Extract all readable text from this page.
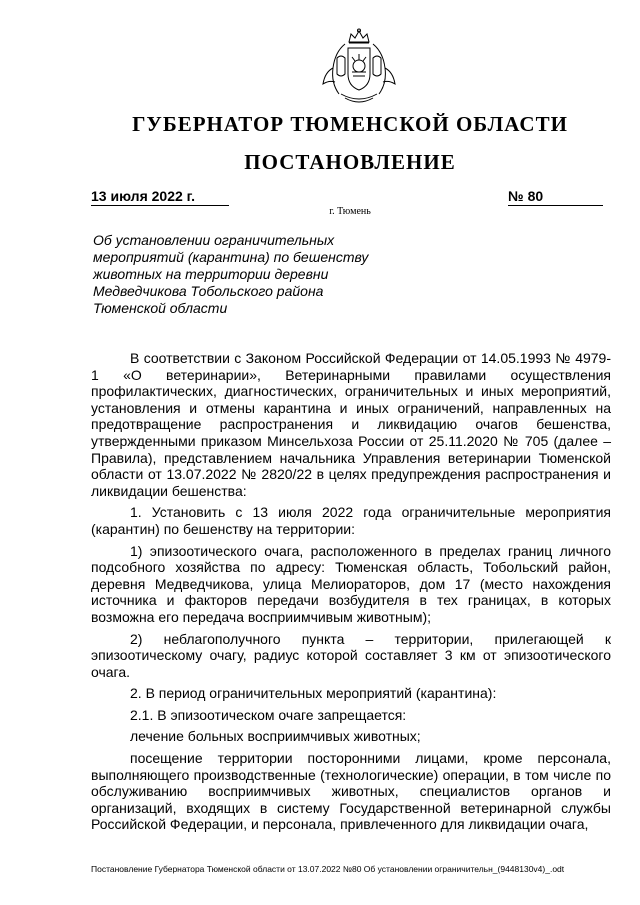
ГУБЕРНАТОР ТЮМЕНСКОЙ ОБЛАСТИ
ПОСТАНОВЛЕНИЕ
13 июля 2022 г.	№ 80
г. Тюмень

Об установлении ограничительных мероприятий (карантина) по бешенству животных на территории деревни Медведчикова Тобольского района Тюменской области

В соответствии с Законом Российской Федерации от 14.05.1993 № 4979-1 «О ветеринарии», Ветеринарными правилами осуществления профилактических, диагностических, ограничительных и иных мероприятий, установления и отмены карантина и иных ограничений, направленных на предотвращение распространения и ликвидацию очагов бешенства, утвержденными приказом Минсельхоза России от 25.11.2020 № 705 (далее – Правила), представлением начальника Управления ветеринарии Тюменской области от 13.07.2022 № 2820/22 в целях предупреждения распространения и ликвидации бешенства:

1. Установить с 13 июля 2022 года ограничительные мероприятия (карантин) по бешенству на территории:

1) эпизоотического очага, расположенного в пределах границ личного подсобного хозяйства по адресу: Тюменская область, Тобольский район, деревня Медведчикова, улица Мелиораторов, дом 17 (место нахождения источника и факторов передачи возбудителя в тех границах, в которых возможна его передача восприимчивым животным);

2) неблагополучного пункта – территории, прилегающей к эпизоотическому очагу, радиус которой составляет 3 км от эпизоотического очага.

2. В период ограничительных мероприятий (карантина):

2.1. В эпизоотическом очаге запрещается:

лечение больных восприимчивых животных;

посещение территории посторонними лицами, кроме персонала, выполняющего производственные (технологические) операции, в том числе по обслуживанию восприимчивых животных, специалистов органов и организаций, входящих в систему Государственной ветеринарной службы Российской Федерации, и персонала, привлеченного для ликвидации очага,

Постановление Губернатора Тюменской области от 13.07.2022 №80 Об установлении ограничительн_(9448130v4)_.odt
